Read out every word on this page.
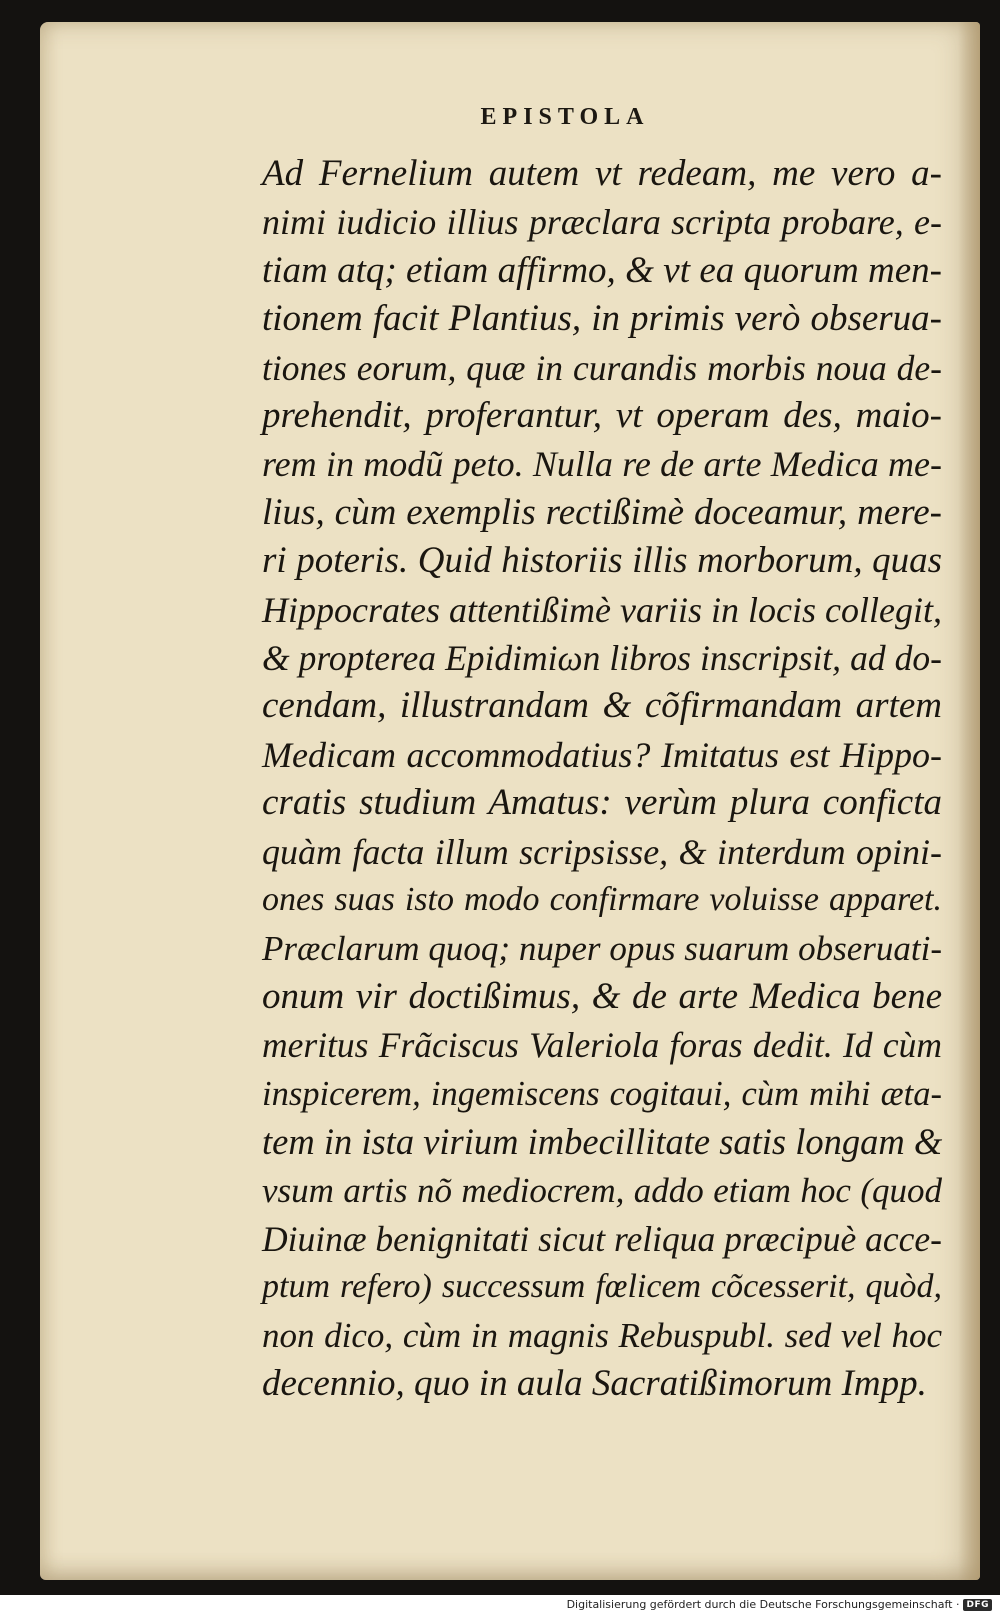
EPISTOLA
Ad Fernelium autem vt redeam, me vero a-
nimi iudicio illius præclara scripta probare, e-
tiam atq; etiam affirmo, & vt ea quorum men-
tionem facit Plantius, in primis verò obserua-
tiones eorum, quæ in curandis morbis noua de-
prehendit, proferantur, vt operam des, maio-
rem in modũ peto. Nulla re de arte Medica me-
lius, cùm exemplis rectißimè doceamur, mere-
ri poteris. Quid historiis illis morborum, quas
Hippocrates attentißimè variis in locis collegit,
& propterea Epidimiωn libros inscripsit, ad do-
cendam, illustrandam & cõfirmandam artem
Medicam accommodatius? Imitatus est Hippo-
cratis studium Amatus: verùm plura conficta
quàm facta illum scripsisse, & interdum opini-
ones suas isto modo confirmare voluisse apparet.
Præclarum quoq; nuper opus suarum obseruati-
onum vir doctißimus, & de arte Medica bene
meritus Frãciscus Valeriola foras dedit. Id cùm
inspicerem, ingemiscens cogitaui, cùm mihi æta-
tem in ista virium imbecillitate satis longam &
vsum artis nõ mediocrem, addo etiam hoc (quod
Diuinæ benignitati sicut reliqua præcipuè acce-
ptum refero) successum fœlicem cõcesserit, quòd,
non dico, cùm in magnis Rebuspubl. sed vel hoc
decennio, quo in aula Sacratißimorum Impp.
Digitalisierung gefördert durch die Deutsche Forschungsgemeinschaft · DFG
